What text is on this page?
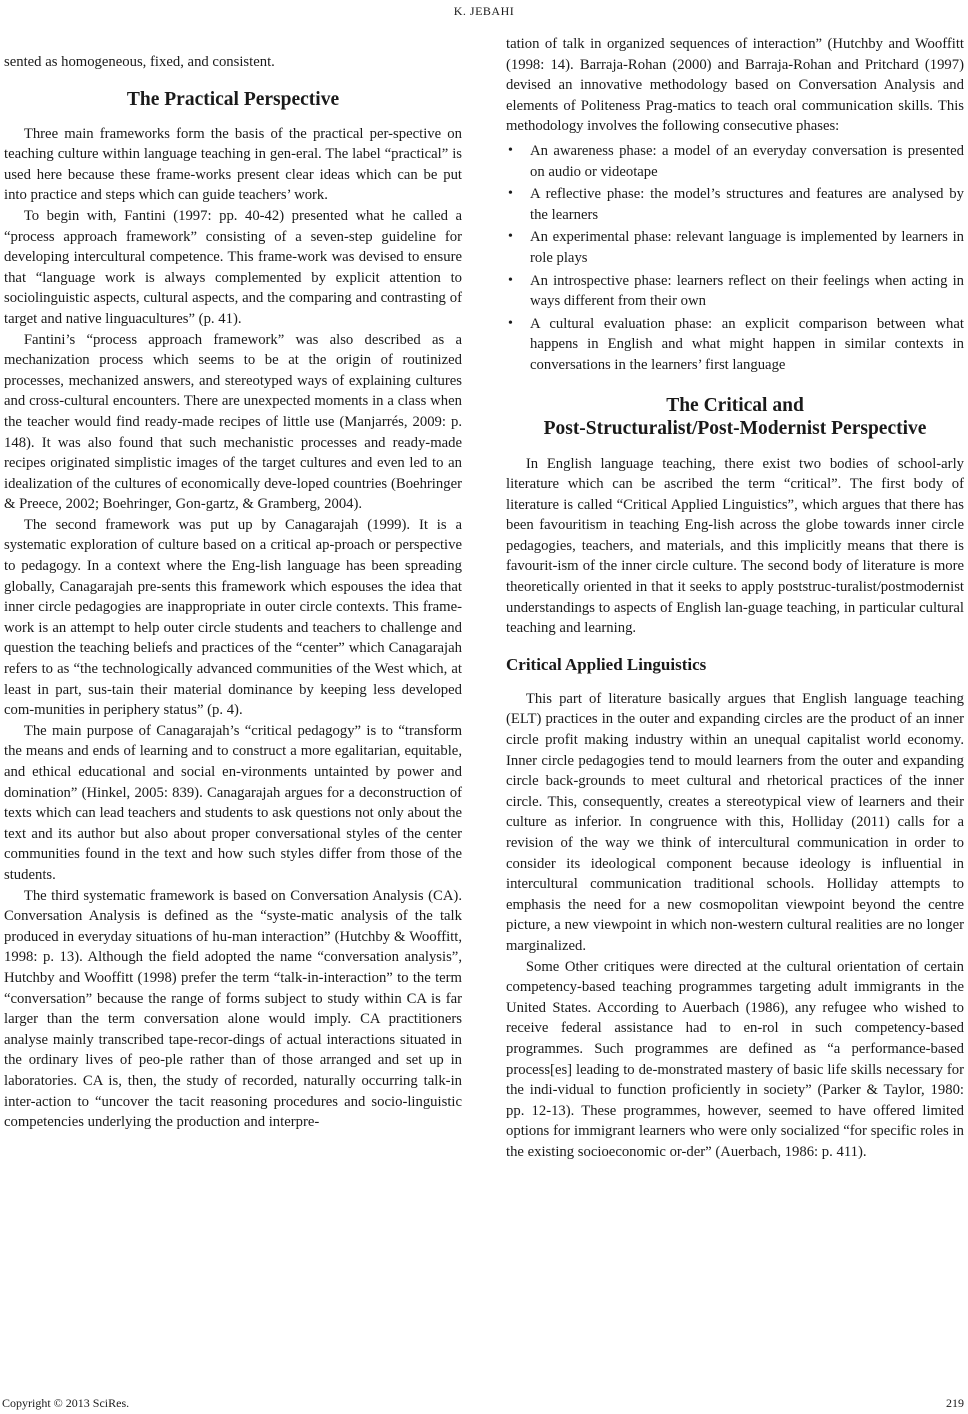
K. JEBAHI

sented as homogeneous, fixed, and consistent.

The Practical Perspective

Three main frameworks form the basis of the practical per-spective on teaching culture within language teaching in gen-eral. The label “practical” is used here because these frame-works present clear ideas which can be put into practice and steps which can guide teachers’ work.

To begin with, Fantini (1997: pp. 40-42) presented what he called a “process approach framework” consisting of a seven-step guideline for developing intercultural competence. This frame-work was devised to ensure that “language work is always complemented by explicit attention to sociolinguistic aspects, cultural aspects, and the comparing and contrasting of target and native linguacultures” (p. 41).

Fantini’s “process approach framework” was also described as a mechanization process which seems to be at the origin of routinized processes, mechanized answers, and stereotyped ways of explaining cultures and cross-cultural encounters. There are unexpected moments in a class when the teacher would find ready-made recipes of little use (Manjarrés, 2009: p. 148). It was also found that such mechanistic processes and ready-made recipes originated simplistic images of the target cultures and even led to an idealization of the cultures of economically deve-loped countries (Boehringer & Preece, 2002; Boehringer, Gon-gartz, & Gramberg, 2004).

The second framework was put up by Canagarajah (1999). It is a systematic exploration of culture based on a critical ap-proach or perspective to pedagogy. In a context where the Eng-lish language has been spreading globally, Canagarajah pre-sents this framework which espouses the idea that inner circle pedagogies are inappropriate in outer circle contexts. This frame-work is an attempt to help outer circle students and teachers to challenge and question the teaching beliefs and practices of the “center” which Canagarajah refers to as “the technologically advanced communities of the West which, at least in part, sus-tain their material dominance by keeping less developed com-munities in periphery status” (p. 4).

The main purpose of Canagarajah’s “critical pedagogy” is to “transform the means and ends of learning and to construct a more egalitarian, equitable, and ethical educational and social en-vironments untainted by power and domination” (Hinkel, 2005: 839). Canagarajah argues for a deconstruction of texts which can lead teachers and students to ask questions not only about the text and its author but also about proper conversational styles of the center communities found in the text and how such styles differ from those of the students.

The third systematic framework is based on Conversation Analysis (CA). Conversation Analysis is defined as the “syste-matic analysis of the talk produced in everyday situations of hu-man interaction” (Hutchby & Wooffitt, 1998: p. 13). Although the field adopted the name “conversation analysis”, Hutchby and Wooffitt (1998) prefer the term “talk-in-interaction” to the term “conversation” because the range of forms subject to study within CA is far larger than the term conversation alone would imply. CA practitioners analyse mainly transcribed tape-recor-dings of actual interactions situated in the ordinary lives of peo-ple rather than of those arranged and set up in laboratories. CA is, then, the study of recorded, naturally occurring talk-in inter-action to “uncover the tacit reasoning procedures and socio-linguistic competencies underlying the production and interpre-

tation of talk in organized sequences of interaction” (Hutchby and Wooffitt (1998: 14). Barraja-Rohan (2000) and Barraja-Rohan and Pritchard (1997) devised an innovative methodology based on Conversation Analysis and elements of Politeness Prag-matics to teach oral communication skills. This methodology involves the following consecutive phases:

• An awareness phase: a model of an everyday conversation is presented on audio or videotape
• A reflective phase: the model’s structures and features are analysed by the learners
• An experimental phase: relevant language is implemented by learners in role plays
• An introspective phase: learners reflect on their feelings when acting in ways different from their own
• A cultural evaluation phase: an explicit comparison between what happens in English and what might happen in similar contexts in conversations in the learners’ first language
The Critical and
Post-Structuralist/Post-Modernist Perspective

In English language teaching, there exist two bodies of school-arly literature which can be ascribed the term “critical”. The first body of literature is called “Critical Applied Linguistics”, which argues that there has been favouritism in teaching Eng-lish across the globe towards inner circle pedagogies, teachers, and materials, and this implicitly means that there is favourit-ism of the inner circle culture. The second body of literature is more theoretically oriented in that it seeks to apply poststruc-turalist/postmodernist understandings to aspects of English lan-guage teaching, in particular cultural teaching and learning.

Critical Applied Linguistics

This part of literature basically argues that English language teaching (ELT) practices in the outer and expanding circles are the product of an inner circle profit making industry within an unequal capitalist world economy. Inner circle pedagogies tend to mould learners from the outer and expanding circle back-grounds to meet cultural and rhetorical practices of the inner circle. This, consequently, creates a stereotypical view of learners and their culture as inferior. In congruence with this, Holliday (2011) calls for a revision of the way we think of intercultural communication in order to consider its ideological component because ideology is influential in intercultural communication traditional schools. Holliday attempts to emphasis the need for a new cosmopolitan viewpoint beyond the centre picture, a new viewpoint in which non-western cultural realities are no longer marginalized.

Some Other critiques were directed at the cultural orientation of certain competency-based teaching programmes targeting adult immigrants in the United States. According to Auerbach (1986), any refugee who wished to receive federal assistance had to en-rol in such competency-based programmes. Such programmes are defined as “a performance-based process[es] leading to de-monstrated mastery of basic life skills necessary for the indi-vidual to function proficiently in society” (Parker & Taylor, 1980: pp. 12-13). These programmes, however, seemed to have offered limited options for immigrant learners who were only socialized “for specific roles in the existing socioeconomic or-der” (Auerbach, 1986: p. 411).

Copyright © 2013 SciRes.	219
